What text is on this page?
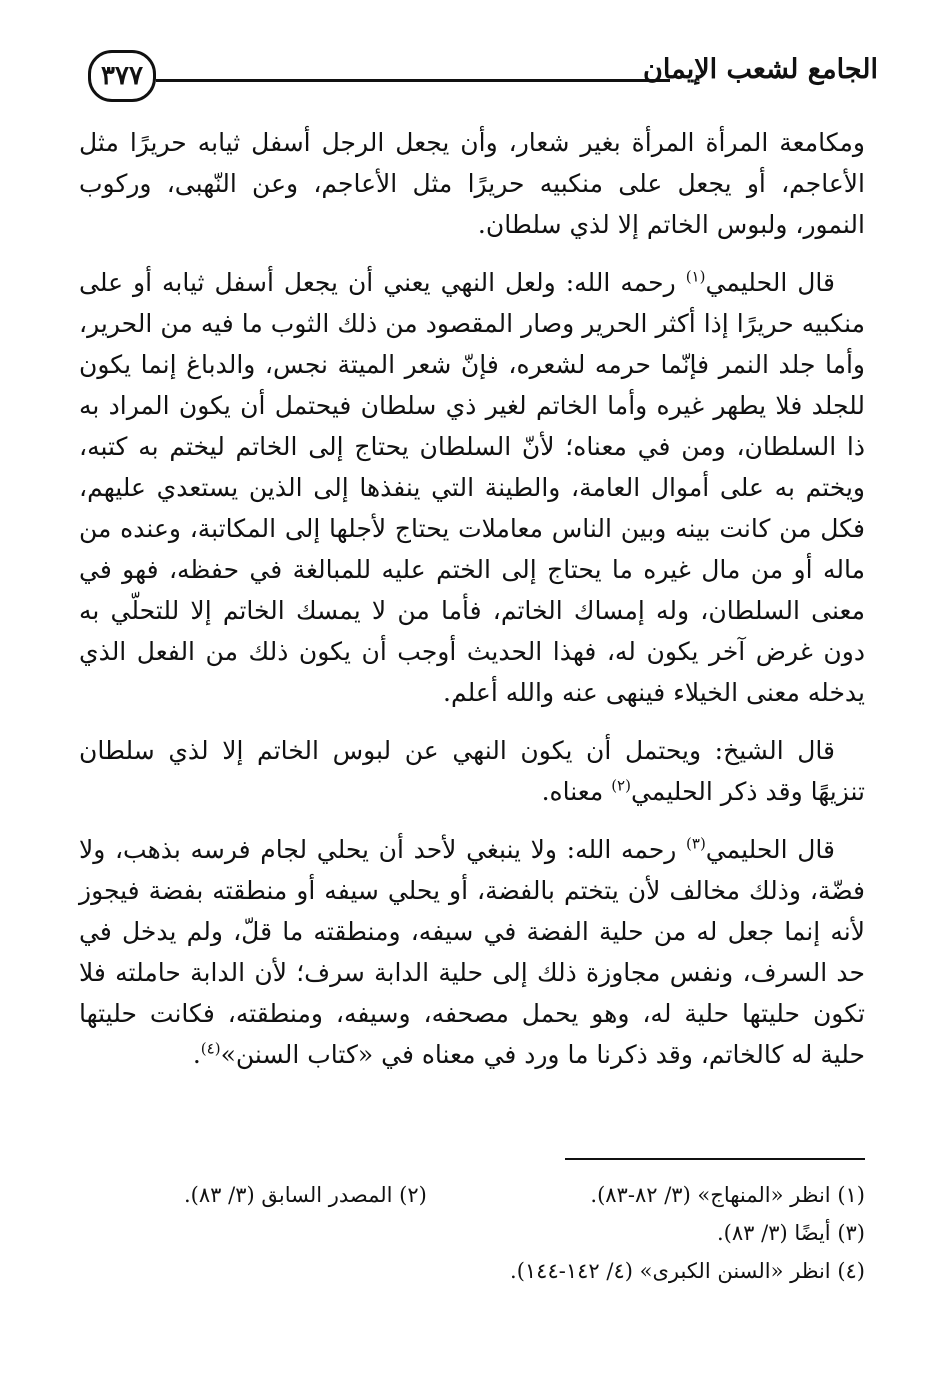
الجامع لشعب الإيمان
٣٧٧

ومكامعة المرأة المرأة بغير شعار، وأن يجعل الرجل أسفل ثيابه حريرًا مثل الأعاجم، أو يجعل على منكبيه حريرًا مثل الأعاجم، وعن النّهبى، وركوب النمور، ولبوس الخاتم إلا لذي سلطان.

قال الحليمي$^{(١)}$ رحمه الله: ولعل النهي يعني أن يجعل أسفل ثيابه أو على منكبيه حريرًا إذا أكثر الحرير وصار المقصود من ذلك الثوب ما فيه من الحرير، وأما جلد النمر فإنّما حرمه لشعره، فإنّ شعر الميتة نجس، والدباغ إنما يكون للجلد فلا يطهر غيره وأما الخاتم لغير ذي سلطان فيحتمل أن يكون المراد به ذا السلطان، ومن في معناه؛ لأنّ السلطان يحتاج إلى الخاتم ليختم به كتبه، ويختم به على أموال العامة، والطينة التي ينفذها إلى الذين يستعدي عليهم، فكل من كانت بينه وبين الناس معاملات يحتاج لأجلها إلى المكاتبة، وعنده من ماله أو من مال غيره ما يحتاج إلى الختم عليه للمبالغة في حفظه، فهو في معنى السلطان، وله إمساك الخاتم، فأما من لا يمسك الخاتم إلا للتحلّي به دون غرض آخر يكون له، فهذا الحديث أوجب أن يكون ذلك من الفعل الذي يدخله معنى الخيلاء فينهى عنه والله أعلم.

قال الشيخ: ويحتمل أن يكون النهي عن لبوس الخاتم إلا لذي سلطان تنزيهًا وقد ذكر الحليمي$^{(٢)}$ معناه.

قال الحليمي$^{(٣)}$ رحمه الله: ولا ينبغي لأحد أن يحلي لجام فرسه بذهب، ولا فضّة، وذلك مخالف لأن يتختم بالفضة، أو يحلي سيفه أو منطقته بفضة فيجوز لأنه إنما جعل له من حلية الفضة في سيفه، ومنطقته ما قلّ، ولم يدخل في حد السرف، ونفس مجاوزة ذلك إلى حلية الدابة سرف؛ لأن الدابة حاملته فلا تكون حليتها حلية له، وهو يحمل مصحفه، وسيفه، ومنطقته، فكانت حليتها حلية له كالخاتم، وقد ذكرنا ما ورد في معناه في «كتاب السنن»$^{(٤)}$.

(١) انظر «المنهاج» (٣/ ٨٢-٨٣).
(٢) المصدر السابق (٣/ ٨٣).
(٣) أيضًا (٣/ ٨٣).
(٤) انظر «السنن الكبرى» (٤/ ١٤٢-١٤٤).
